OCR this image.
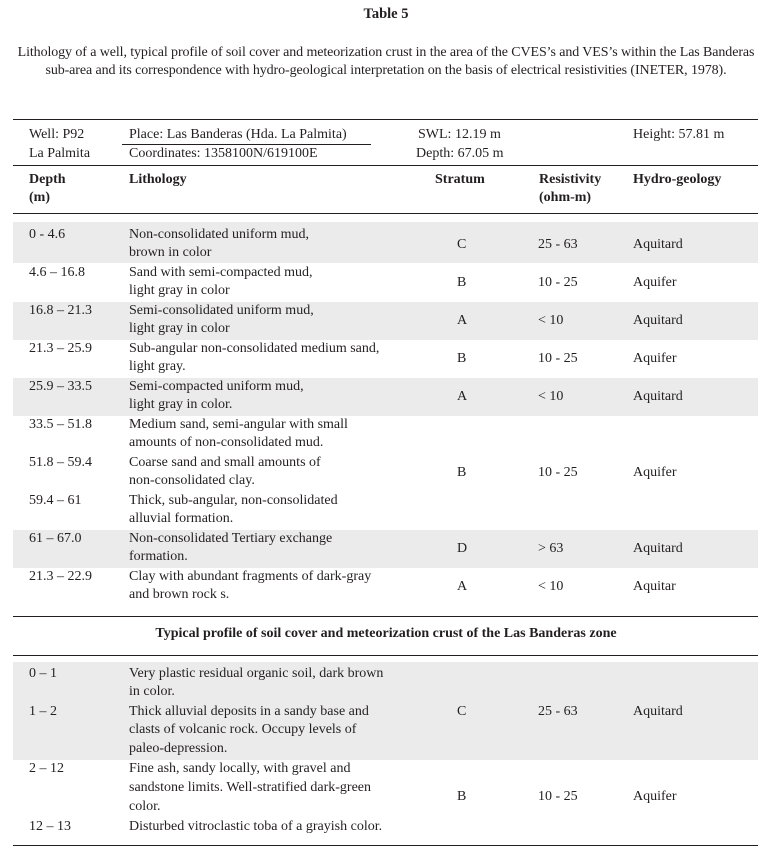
Table 5
Lithology of a well, typical profile of soil cover and meteorization crust in the area of the CVES’s and VES’s within the Las Banderas sub-area and its correspondence with hydro-geological interpretation on the basis of electrical resistivities (INETER, 1978).
Well: P92
La Palmita
Place: Las Banderas (Hda. La Palmita)
Coordinates: 1358100N/619100E
SWL: 12.19 m
Depth: 67.05 m
Height: 57.81 m
Depth
(m)
Lithology	Stratum	Resistivity
(ohm-m)
Hydro-geology
0 - 4.6	Non-consolidated uniform mud,
brown in color
C	25 - 63	Aquitard
4.6 – 16.8	Sand with semi-compacted mud,
light gray in color
B	10 - 25	Aquifer
16.8 – 21.3	Semi-consolidated uniform mud,
light gray in color
A	< 10	Aquitard
21.3 – 25.9	Sub-angular non-consolidated medium sand,
light gray.
B	10 - 25	Aquifer
25.9 – 33.5	Semi-compacted uniform mud,
light gray in color.
A	< 10	Aquitard
33.5 – 51.8	Medium sand, semi-angular with small
amounts of non-consolidated mud.
51.8 – 59.4	Coarse sand and small amounts of
non-consolidated clay.
59.4 – 61	Thick, sub-angular, non-consolidated
alluvial formation.
B	10 - 25	Aquifer
61 – 67.0	Non-consolidated Tertiary exchange
formation.
D	> 63	Aquitard
21.3 – 22.9	Clay with abundant fragments of dark-gray
and brown rock s.
A	< 10	Aquitar
Typical profile of soil cover and meteorization crust of the Las Banderas zone
0 – 1	Very plastic residual organic soil, dark brown
in color.
1 – 2	Thick alluvial deposits in a sandy base and
clasts of volcanic rock. Occupy levels of
paleo-depression.
C	25 - 63	Aquitard
2 – 12	Fine ash, sandy locally, with gravel and
sandstone limits. Well-stratified dark-green
color.
12 – 13	Disturbed vitroclastic toba of a grayish color.
B	10 - 25	Aquifer
